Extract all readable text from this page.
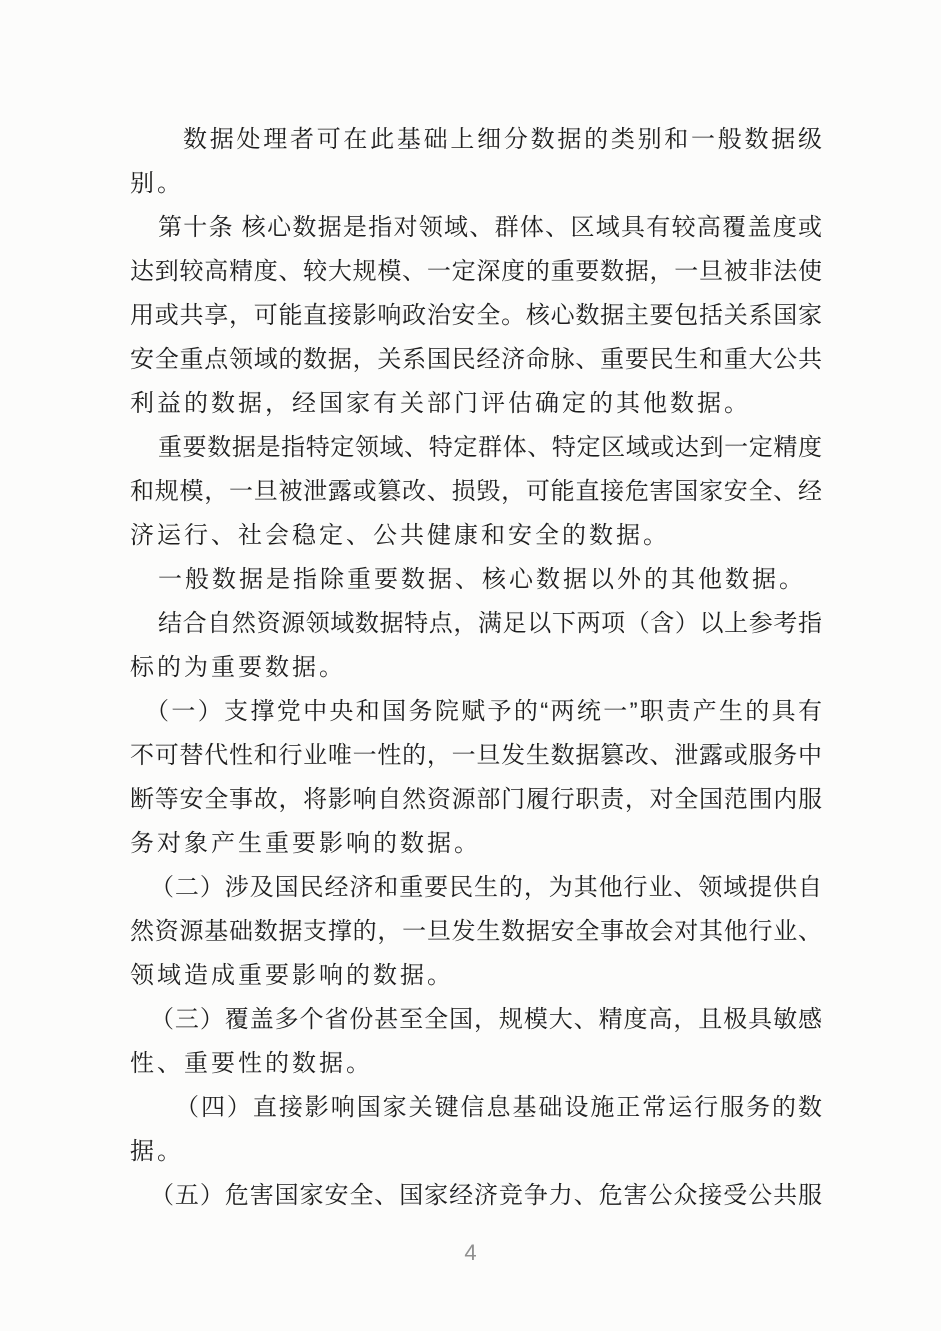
数据处理者可在此基础上细分数据的类别和一般数据级
别。
第十条 核心数据是指对领域、群体、区域具有较高覆盖度或
达到较高精度、较大规模、一定深度的重要数据，一旦被非法使
用或共享，可能直接影响政治安全。核心数据主要包括关系国家
安全重点领域的数据，关系国民经济命脉、重要民生和重大公共
利益的数据，经国家有关部门评估确定的其他数据。
重要数据是指特定领域、特定群体、特定区域或达到一定精度
和规模，一旦被泄露或篡改、损毁，可能直接危害国家安全、经
济运行、社会稳定、公共健康和安全的数据。
一般数据是指除重要数据、核心数据以外的其他数据。
结合自然资源领域数据特点，满足以下两项（含）以上参考指
标的为重要数据。
（一）支撑党中央和国务院赋予的“两统一”职责产生的具有
不可替代性和行业唯一性的，一旦发生数据篡改、泄露或服务中
断等安全事故，将影响自然资源部门履行职责，对全国范围内服
务对象产生重要影响的数据。
（二）涉及国民经济和重要民生的，为其他行业、领域提供自
然资源基础数据支撑的，一旦发生数据安全事故会对其他行业、
领域造成重要影响的数据。
（三）覆盖多个省份甚至全国，规模大、精度高，且极具敏感
性、重要性的数据。
（四）直接影响国家关键信息基础设施正常运行服务的数
据。
（五）危害国家安全、国家经济竞争力、危害公众接受公共服
4
